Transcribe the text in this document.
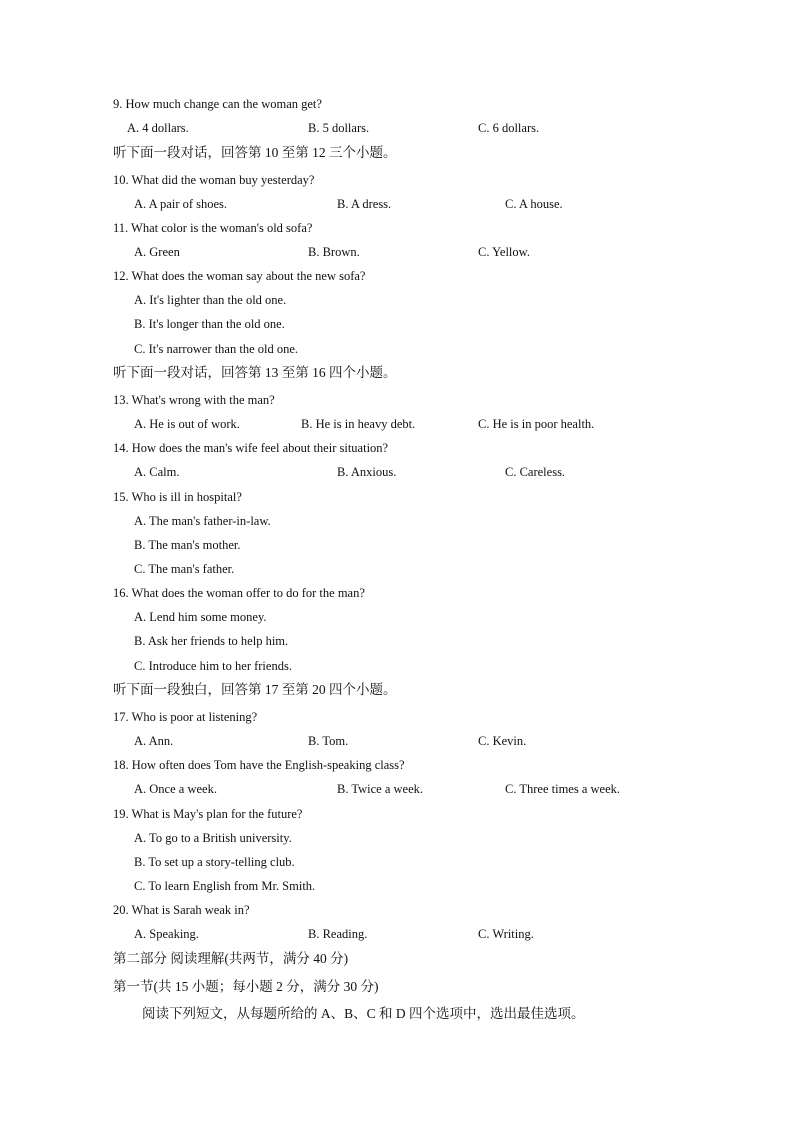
9. How much change can the woman get?
A. 4 dollars.	B. 5 dollars.	C. 6 dollars.
听下面一段对话，回答第 10 至第 12 三个小题。
10. What did the woman buy yesterday?
A. A pair of shoes.	B. A dress.	C. A house.
11. What color is the woman's old sofa?
A. Green	B. Brown.	C. Yellow.
12. What does the woman say about the new sofa?
A. It's lighter than the old one.
B. It's longer than the old one.
C. It's narrower than the old one.
听下面一段对话，回答第 13 至第 16 四个小题。
13. What's wrong with the man?
A. He is out of work.	B. He is in heavy debt.	C. He is in poor health.
14. How does the man's wife feel about their situation?
A. Calm.	B. Anxious.	C. Careless.
15. Who is ill in hospital?
A. The man's father-in-law.
B. The man's mother.
C. The man's father.
16. What does the woman offer to do for the man?
A. Lend him some money.
B. Ask her friends to help him.
C. Introduce him to her friends.
听下面一段独白，回答第 17 至第 20 四个小题。
17. Who is poor at listening?
A. Ann.	B. Tom.	C. Kevin.
18. How often does Tom have the English-speaking class?
A. Once a week.	B. Twice a week.	C. Three times a week.
19. What is May's plan for the future?
A. To go to a British university.
B. To set up a story-telling club.
C. To learn English from Mr. Smith.
20. What is Sarah weak in?
A. Speaking.	B. Reading.	C. Writing.
第二部分 阅读理解(共两节，满分 40 分)
第一节(共 15 小题；每小题 2 分，满分 30 分)
阅读下列短文，从每题所给的 A、B、C 和 D 四个选项中，选出最佳选项。
